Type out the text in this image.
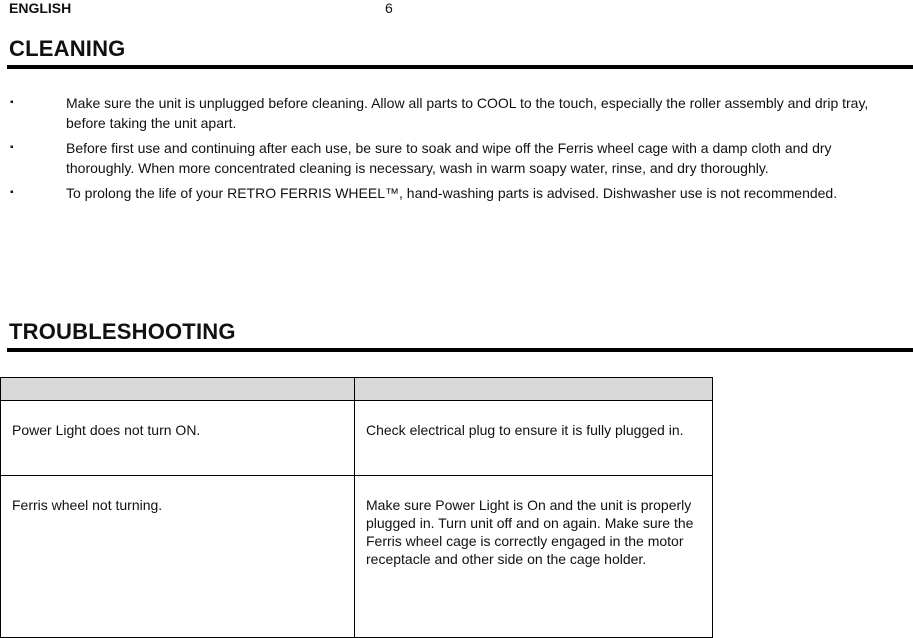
ENGLISH	6
CLEANING
▪	Make sure the unit is unplugged before cleaning. Allow all parts to COOL to the touch, especially the roller assembly and drip tray, before taking the unit apart.
▪	Before first use and continuing after each use, be sure to soak and wipe off the Ferris wheel cage with a damp cloth and dry thoroughly. When more concentrated cleaning is necessary, wash in warm soapy water, rinse, and dry thoroughly.
▪	To prolong the life of your RETRO FERRIS WHEEL™, hand-washing parts is advised. Dishwasher use is not recommended.
TROUBLESHOOTING

Power Light does not turn ON.	Check electrical plug to ensure it is fully plugged in.
Ferris wheel not turning.	Make sure Power Light is On and the unit is properly plugged in. Turn unit off and on again. Make sure the Ferris wheel cage is correctly engaged in the motor receptacle and other side on the cage holder.
